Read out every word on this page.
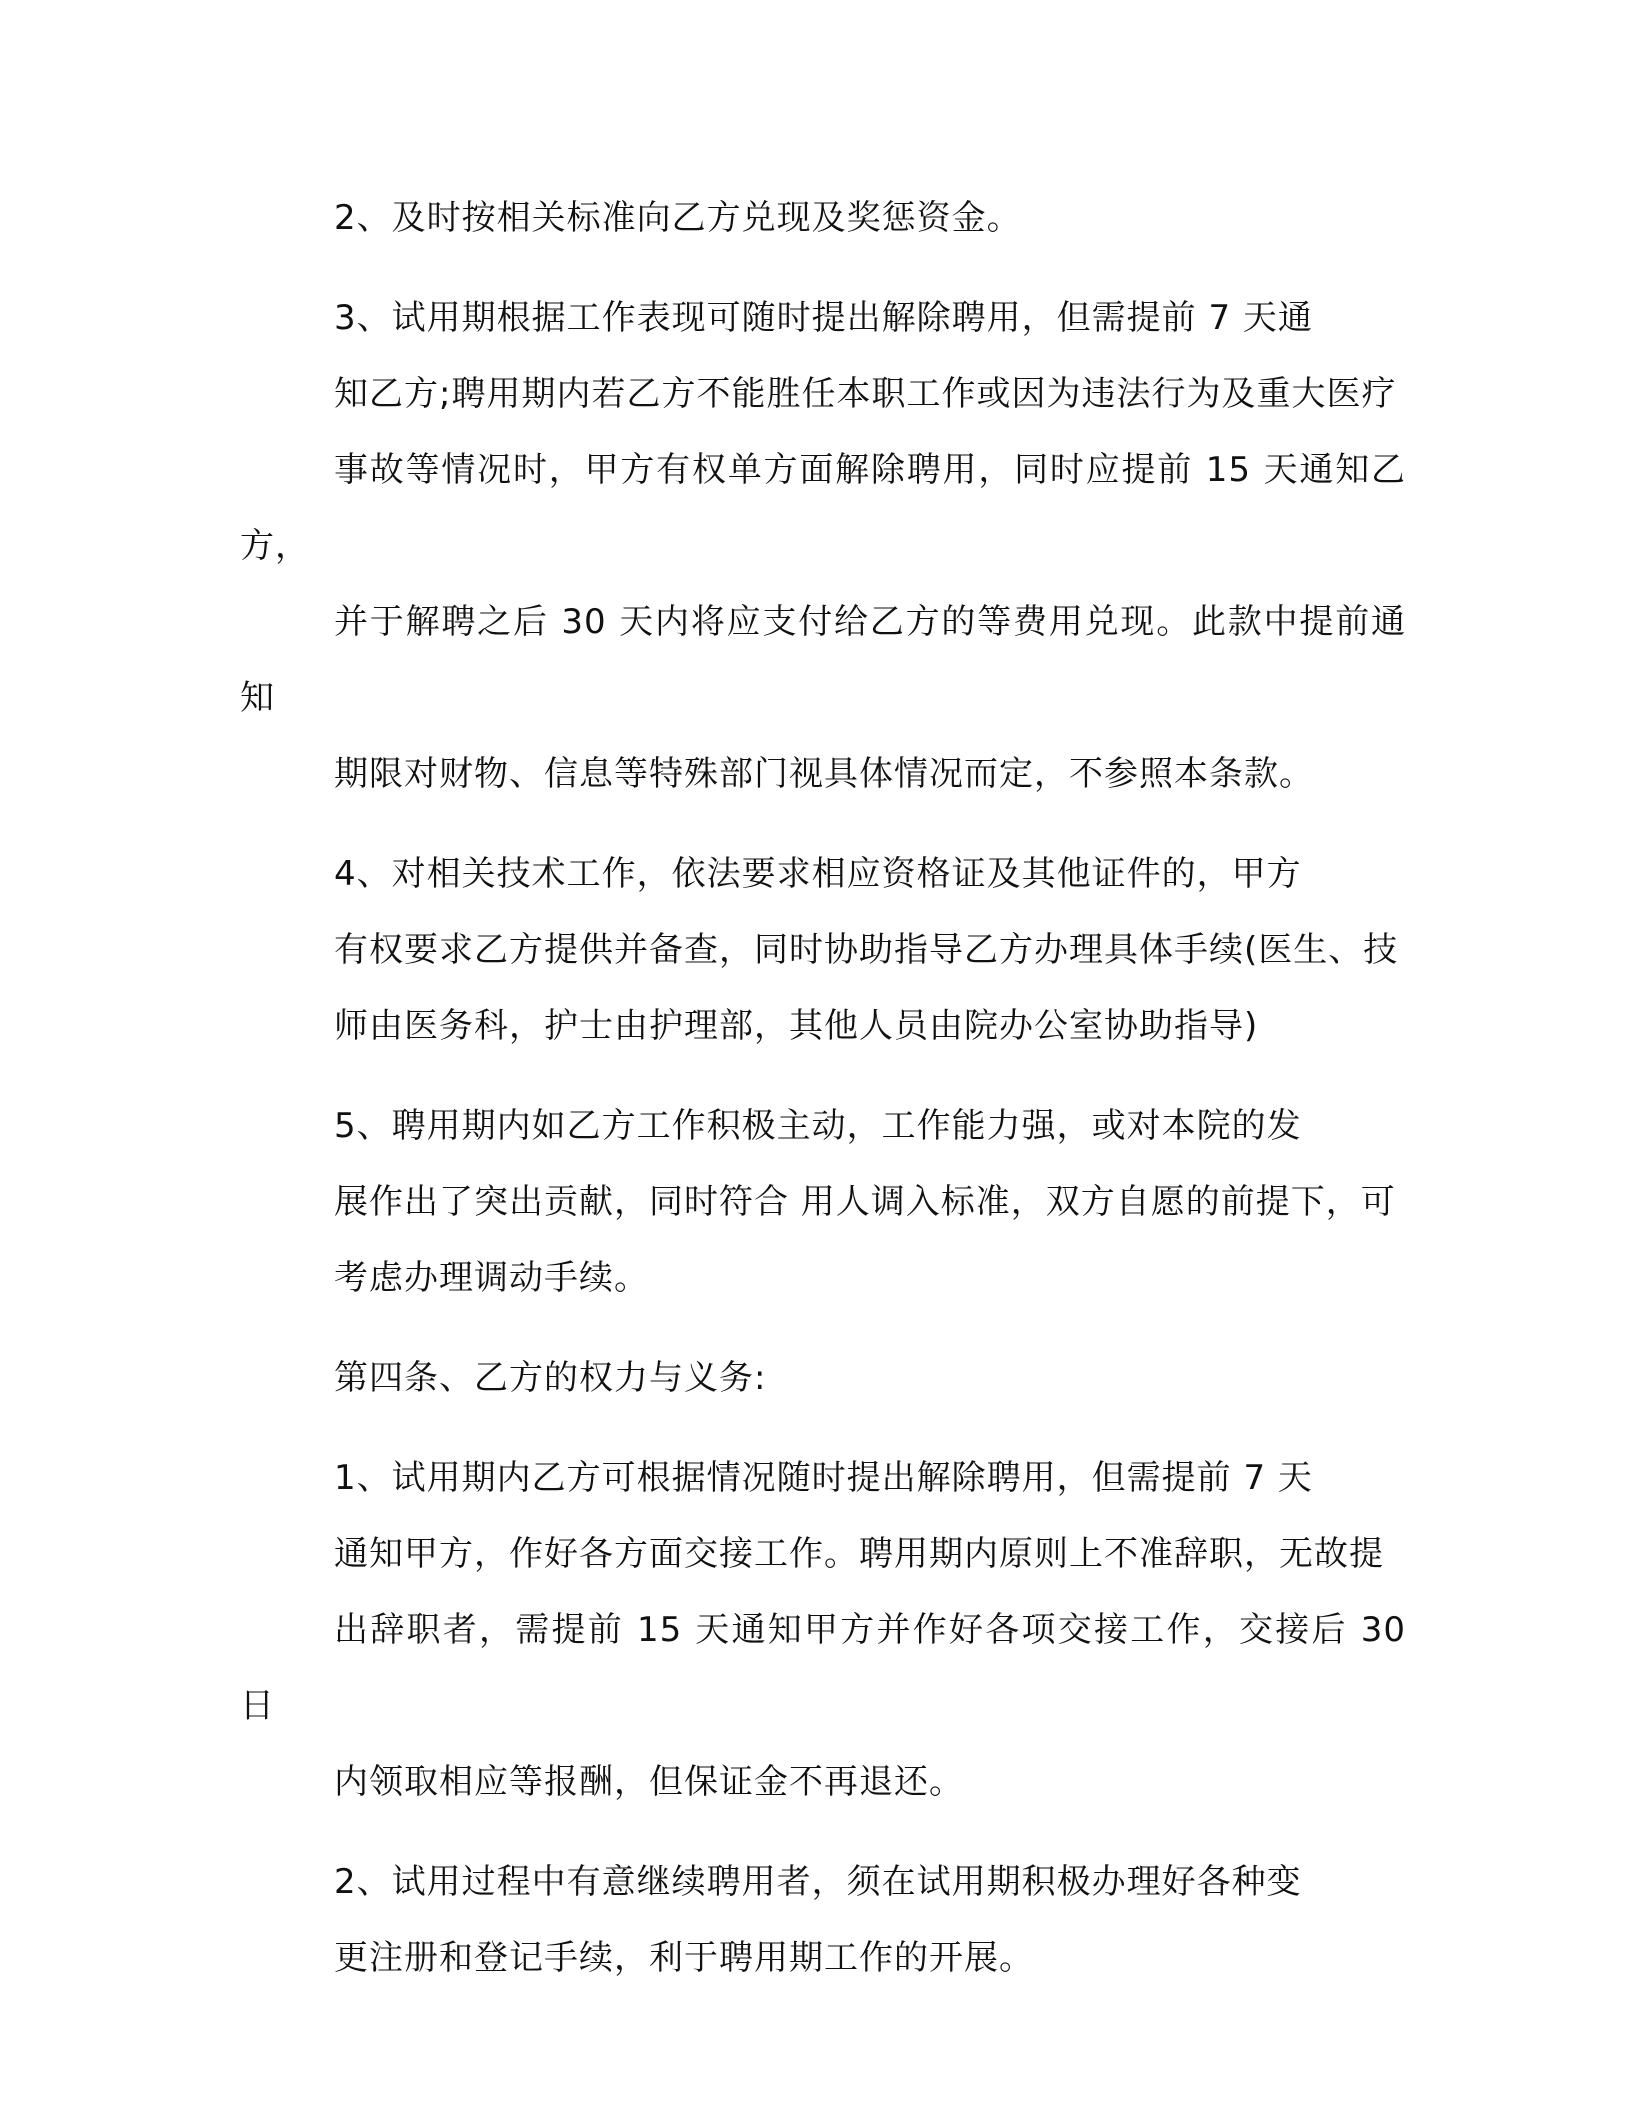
2、及时按相关标准向乙方兑现及奖惩资金。

3、试用期根据工作表现可随时提出解除聘用，但需提前 7 天通
知乙方;聘用期内若乙方不能胜任本职工作或因为违法行为及重大医疗
事故等情况时，甲方有权单方面解除聘用，同时应提前 15 天通知乙方，
并于解聘之后 30 天内将应支付给乙方的等费用兑现。此款中提前通知
期限对财物、信息等特殊部门视具体情况而定，不参照本条款。

4、对相关技术工作，依法要求相应资格证及其他证件的，甲方
有权要求乙方提供并备查，同时协助指导乙方办理具体手续(医生、技
师由医务科，护士由护理部，其他人员由院办公室协助指导)

5、聘用期内如乙方工作积极主动，工作能力强，或对本院的发
展作出了突出贡献，同时符合 用人调入标准，双方自愿的前提下，可
考虑办理调动手续。

第四条、乙方的权力与义务:

1、试用期内乙方可根据情况随时提出解除聘用，但需提前 7 天
通知甲方，作好各方面交接工作。聘用期内原则上不准辞职，无故提
出辞职者，需提前 15 天通知甲方并作好各项交接工作，交接后 30 日
内领取相应等报酬，但保证金不再退还。

2、试用过程中有意继续聘用者，须在试用期积极办理好各种变
更注册和登记手续，利于聘用期工作的开展。
